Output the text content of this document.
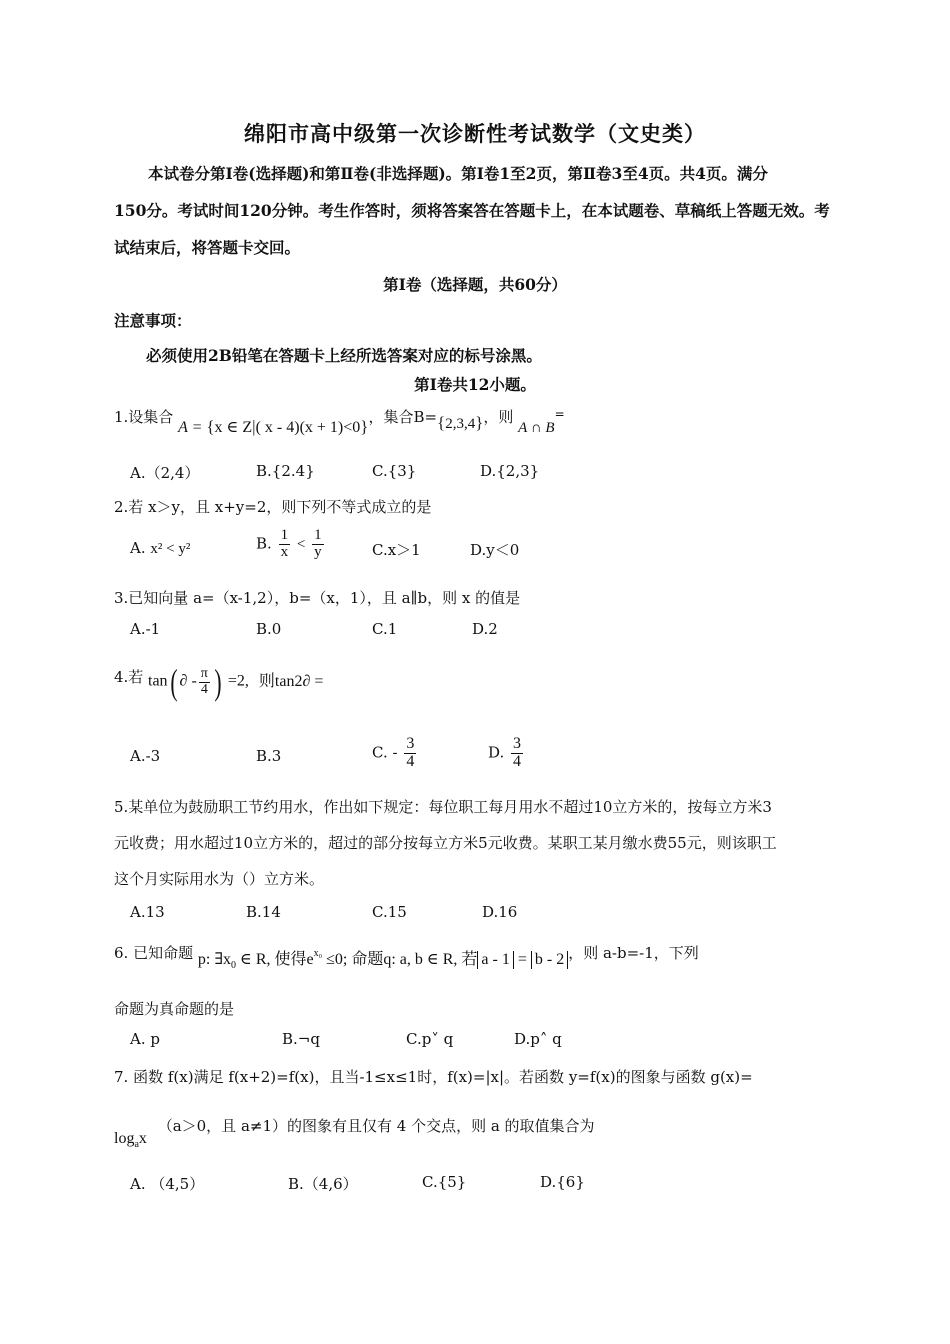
绵阳市高中级第一次诊断性考试数学（文史类）
本试卷分第Ⅰ卷(选择题)和第Ⅱ卷(非选择题)。第Ⅰ卷1至2页，第Ⅱ卷3至4页。共4页。满分
150分。考试时间120分钟。考生作答时，须将答案答在答题卡上，在本试题卷、草稿纸上答题无效。考
试结束后，将答题卡交回。
第Ⅰ卷（选择题，共60分）
注意事项：
必须使用2B铅笔在答题卡上经所选答案对应的标号涂黑。
第Ⅰ卷共12小题。
1.设集合 A = {x ∈ Z|( x - 4)(x + 1)<0}，集合B={2,3,4}，则 A ∩ B=
A.（2,4）	B.{2.4}	C.{3}	D.{2,3}
2.若 x＞y，且 x+y=2，则下列不等式成立的是
A. x² < y²	B. $\frac{1}{x} < \frac{1}{y}$	C.x＞1	D.y＜0
3.已知向量 a=（x-1,2），b=（x，1），且 a∥b，则 x 的值是
A.-1	B.0	C.1	D.2
4.若 tan( ∂ - $\frac{\pi}{4}$ ) =2, 则tan2∂ =
A.-3	B.3	C. - $\frac{3}{4}$	D. $\frac{3}{4}$
5.某单位为鼓励职工节约用水，作出如下规定：每位职工每月用水不超过10立方米的，按每立方米3
元收费；用水超过10立方米的，超过的部分按每立方米5元收费。某职工某月缴水费55元，则该职工
这个月实际用水为（）立方米。
A.13	B.14	C.15	D.16
6. 已知命题 p: $\exists x_0$ ∈ R, 使得$e^{x_0} \le 0$; 命题q: a, b ∈ R, 若 a - 1 = b - 2 ，则 a-b=-1，下列
命题为真命题的是
A. p	B.¬q	C.p˅ q	D.p˄ q
7. 函数 f(x)满足 f(x+2)=f(x)，且当-1≤x≤1时，f(x)=|x|。若函数 y=f(x)的图象与函数 g(x)=
$\log_ax$ （a＞0，且 a≠1）的图象有且仅有 4 个交点，则 a 的取值集合为
A. （4,5）	B.（4,6）	C.{5}	D.{6}
